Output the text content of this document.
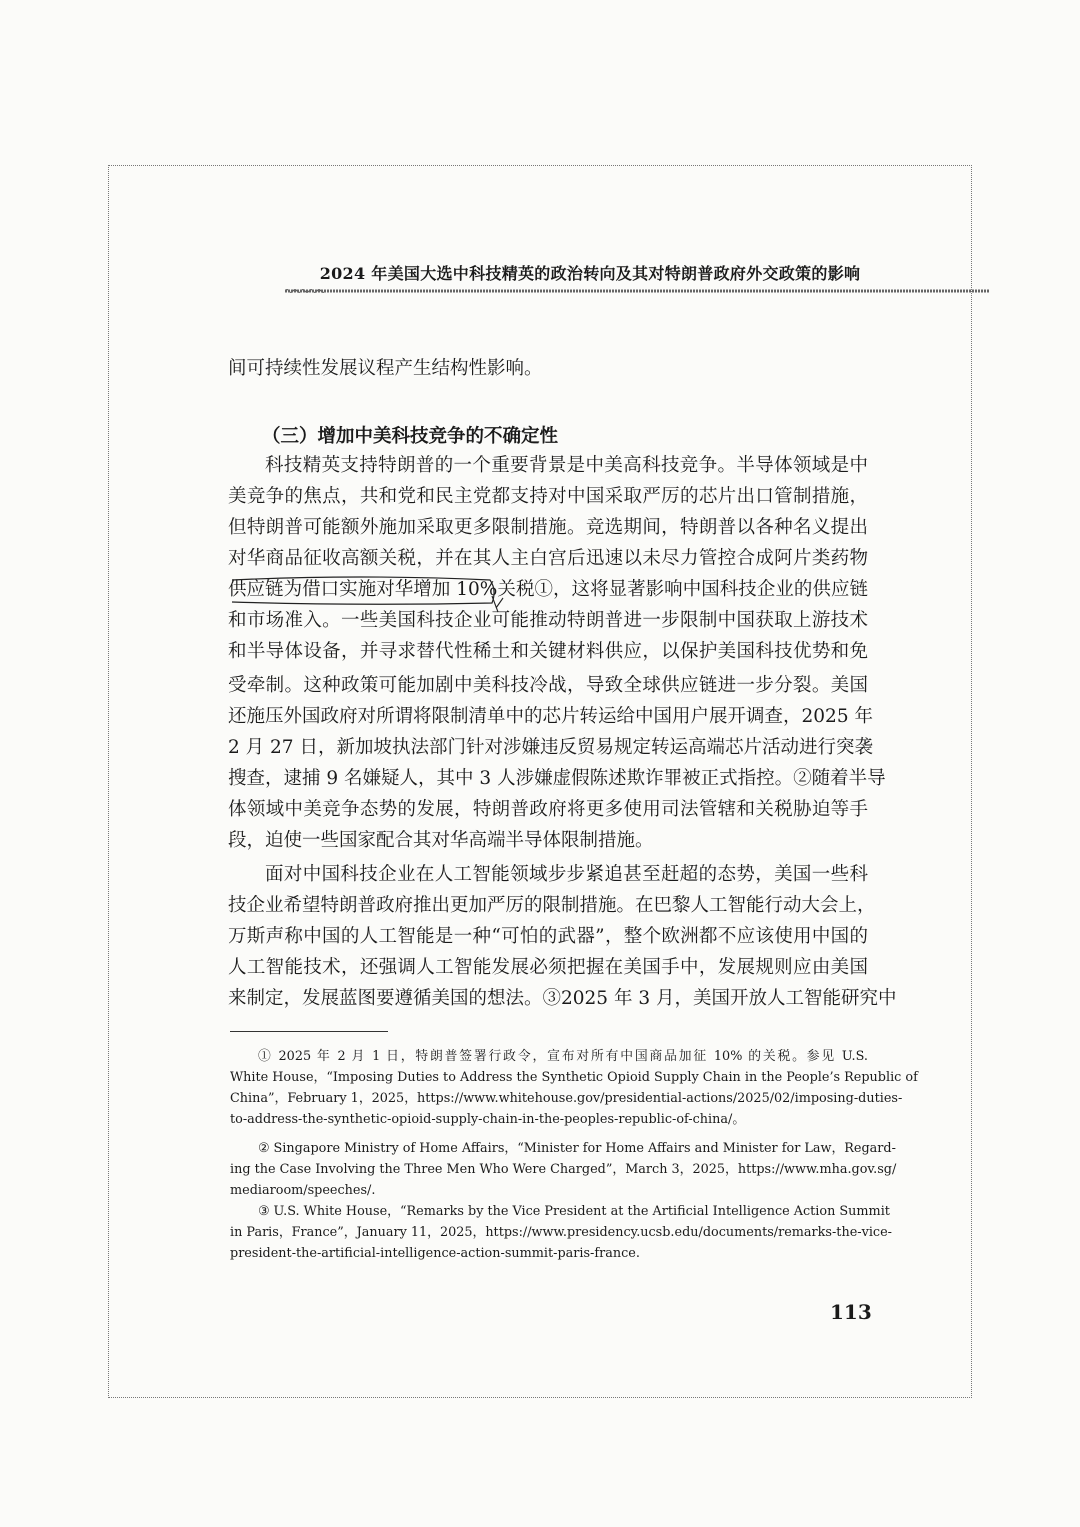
2024 年美国大选中科技精英的政治转向及其对特朗普政府外交政策的影响
间可持续性发展议程产生结构性影响。
（三）增加中美科技竞争的不确定性
科技精英支持特朗普的一个重要背景是中美高科技竞争。半导体领域是中
美竞争的焦点，共和党和民主党都支持对中国采取严厉的芯片出口管制措施，
但特朗普可能额外施加采取更多限制措施。竞选期间，特朗普以各种名义提出
对华商品征收高额关税，并在其人主白宫后迅速以未尽力管控合成阿片类药物
供应链为借口实施对华增加 10%关税①，这将显著影响中国科技企业的供应链
和市场准入。一些美国科技企业可能推动特朗普进一步限制中国获取上游技术
和半导体设备，并寻求替代性稀土和关键材料供应，以保护美国科技优势和免
受牵制。这种政策可能加剧中美科技冷战，导致全球供应链进一步分裂。美国
还施压外国政府对所谓将限制清单中的芯片转运给中国用户展开调查，2025 年
2 月 27 日，新加坡执法部门针对涉嫌违反贸易规定转运高端芯片活动进行突袭
搜查，逮捕 9 名嫌疑人，其中 3 人涉嫌虚假陈述欺诈罪被正式指控。②随着半导
体领域中美竞争态势的发展，特朗普政府将更多使用司法管辖和关税胁迫等手
段，迫使一些国家配合其对华高端半导体限制措施。
面对中国科技企业在人工智能领域步步紧追甚至赶超的态势，美国一些科
技企业希望特朗普政府推出更加严厉的限制措施。在巴黎人工智能行动大会上，
万斯声称中国的人工智能是一种“可怕的武器”，整个欧洲都不应该使用中国的
人工智能技术，还强调人工智能发展必须把握在美国手中，发展规则应由美国
来制定，发展蓝图要遵循美国的想法。③2025 年 3 月，美国开放人工智能研究中
① 2025 年 2 月 1 日，特朗普签署行政令，宣布对所有中国商品加征 10% 的关税。参见 U.S.
White House，“Imposing Duties to Address the Synthetic Opioid Supply Chain in the People’s Republic of
China”，February 1，2025，https://www.whitehouse.gov/presidential-actions/2025/02/imposing-duties-
to-address-the-synthetic-opioid-supply-chain-in-the-peoples-republic-of-china/。
② Singapore Ministry of Home Affairs，“Minister for Home Affairs and Minister for Law，Regard-
ing the Case Involving the Three Men Who Were Charged”，March 3，2025，https://www.mha.gov.sg/
mediaroom/speeches/.
③ U.S. White House，“Remarks by the Vice President at the Artificial Intelligence Action Summit
in Paris，France”，January 11，2025，https://www.presidency.ucsb.edu/documents/remarks-the-vice-
president-the-artificial-intelligence-action-summit-paris-france.
113
